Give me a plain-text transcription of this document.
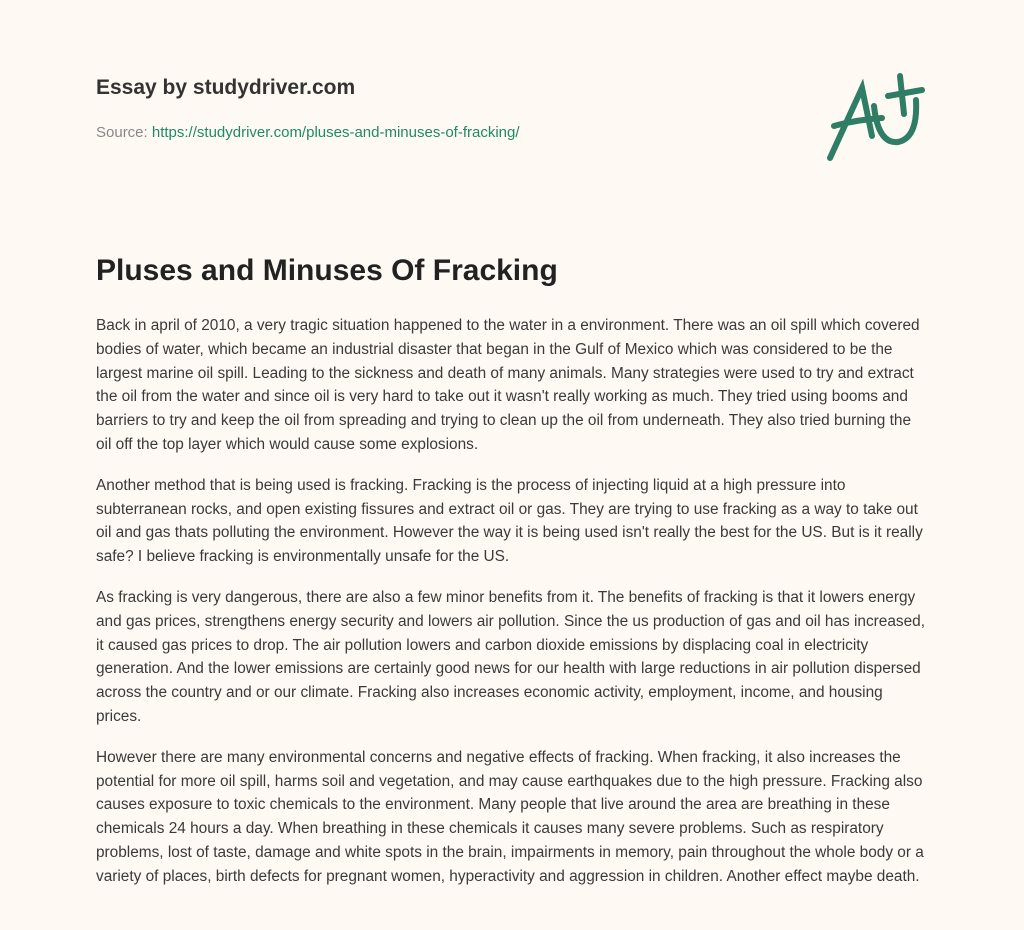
Essay by studydriver.com
Source: https://studydriver.com/pluses-and-minuses-of-fracking/
Pluses and Minuses Of Fracking

Back in april of 2010, a very tragic situation happened to the water in a environment. There was an oil spill which covered bodies of water, which became an industrial disaster that began in the Gulf of Mexico which was considered to be the largest marine oil spill. Leading to the sickness and death of many animals. Many strategies were used to try and extract the oil from the water and since oil is very hard to take out it wasn't really working as much. They tried using booms and barriers to try and keep the oil from spreading and trying to clean up the oil from underneath. They also tried burning the oil off the top layer which would cause some explosions.

Another method that is being used is fracking. Fracking is the process of injecting liquid at a high pressure into subterranean rocks, and open existing fissures and extract oil or gas. They are trying to use fracking as a way to take out oil and gas thats polluting the environment. However the way it is being used isn't really the best for the US. But is it really safe? I believe fracking is environmentally unsafe for the US.

As fracking is very dangerous, there are also a few minor benefits from it. The benefits of fracking is that it lowers energy and gas prices, strengthens energy security and lowers air pollution. Since the us production of gas and oil has increased, it caused gas prices to drop. The air pollution lowers and carbon dioxide emissions by displacing coal in electricity generation. And the lower emissions are certainly good news for our health with large reductions in air pollution dispersed across the country and or our climate. Fracking also increases economic activity, employment, income, and housing prices.

However there are many environmental concerns and negative effects of fracking. When fracking, it also increases the potential for more oil spill, harms soil and vegetation, and may cause earthquakes due to the high pressure. Fracking also causes exposure to toxic chemicals to the environment. Many people that live around the area are breathing in these chemicals 24 hours a day. When breathing in these chemicals it causes many severe problems. Such as respiratory problems, lost of taste, damage and white spots in the brain, impairments in memory, pain throughout the whole body or a variety of places, birth defects for pregnant women, hyperactivity and aggression in children. Another effect maybe death.
